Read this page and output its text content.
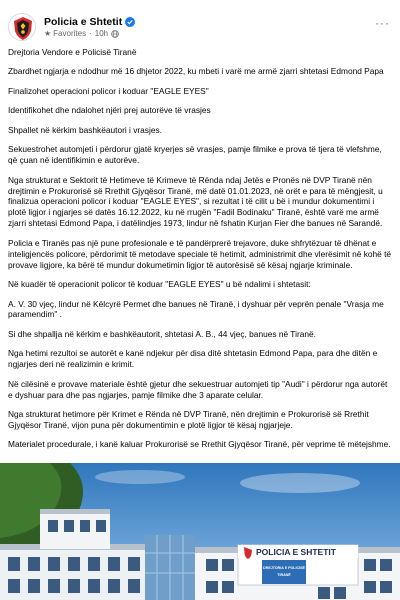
Policia e Shtetit
★ Favorites · 10h
···

Drejtoria Vendore e Policisë Tiranë

Zbardhet ngjarja e ndodhur më 16 dhjetor 2022, ku mbeti i varë me armë zjarri shtetasi Edmond Papa

Finalizohet operacioni policor i koduar "EAGLE EYES"

Identifikohet dhe ndalohet njëri prej autorëve të vrasjes

Shpallet në kërkim bashkëautori i vrasjes.

Sekuestrohet automjeti i përdorur gjatë kryerjes së vrasjes, pamje filmike e prova të tjera të vlefshme, që çuan në identifikimin e autorëve.

Nga strukturat e Sektorit të Hetimeve të Krimeve të Rënda ndaj Jetës e Pronës në DVP Tiranë nën drejtimin e Prokurorisë së Rrethit Gjyqësor Tiranë, më datë 01.01.2023, në orët e para të mëngjesit, u finalizua operacioni policor i koduar "EAGLE EYES", si rezultat i të cilit u bë i mundur dokumentimi i plotë ligjor i ngjarjes së datës 16.12.2022, ku në rrugën "Fadil Bodinaku" Tiranë, është varë me armë zjarri shtetasi Edmond Papa, i datëlindjes 1973, lindur në fshatin Kurjan Fier dhe banues në Sarandë.

Policia e Tiranës pas një pune profesionale e të pandërprerë trejavore, duke shfrytëzuar të dhënat e inteligjencës policore, përdorimit të metodave speciale të hetimit, administrimit dhe vlerësimit në kohë të provave ligjore, ka bërë të mundur dokumetimin ligjor të autorësisë së kësaj ngjarje kriminale.

Në kuadër të operacionit policor të koduar "EAGLE EYES" u bë ndalimi i shtetasit:

A. V. 30 vjeç, lindur në Këlcyrë Permet dhe banues në Tiranë, i dyshuar për veprën penale "Vrasja me paramendim" .

Si dhe shpallja në kërkim e bashkëautorit, shtetasi A. B., 44 vjeç, banues në Tiranë.

Nga hetimi rezultoi se autorët e kanë ndjekur për disa ditë shtetasin Edmond Papa, para dhe ditën e ngjarjes deri në realizimin e krimit.

Në cilësinë e provave materiale është gjetur dhe sekuestruar automjeti tip "Audi" i përdorur nga autorët e dyshuar para dhe pas ngjarjes, pamje filmike dhe 3 aparate celular.

Nga strukturat hetimore për Krimet e Rënda në DVP Tiranë, nën drejtimin e Prokurorisë së Rrethit Gjyqësor Tiranë, vijon puna për dokumentimin e plotë ligjor të kësaj ngjarjeje.

Materialet procedurale, i kanë kaluar Prokurorisë se Rrethit Gjyqësor Tiranë, për veprime të mëtejshme.

POLICIA E SHTETIT
DREJTORIA E POLICISË
TIRANË
